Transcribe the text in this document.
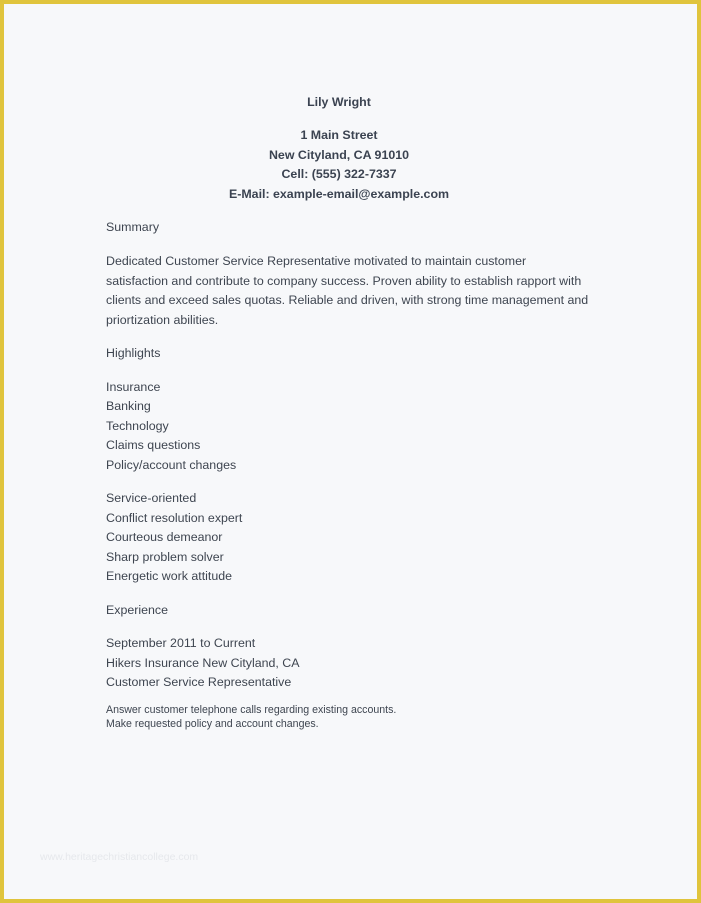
Lily Wright
1 Main Street
New Cityland, CA 91010
Cell: (555) 322-7337
E-Mail: example-email@example.com
Summary
Dedicated Customer Service Representative motivated to maintain customer
satisfaction and contribute to company success. Proven ability to establish rapport with
clients and exceed sales quotas. Reliable and driven, with strong time management and
priortization abilities.
Highlights
Insurance
Banking
Technology
Claims questions
Policy/account changes
Service-oriented
Conflict resolution expert
Courteous demeanor
Sharp problem solver
Energetic work attitude
Experience
September 2011 to Current
Hikers Insurance New Cityland, CA
Customer Service Representative
Answer customer telephone calls regarding existing accounts.
Make requested policy and account changes.
www.heritagechristiancollege.com
